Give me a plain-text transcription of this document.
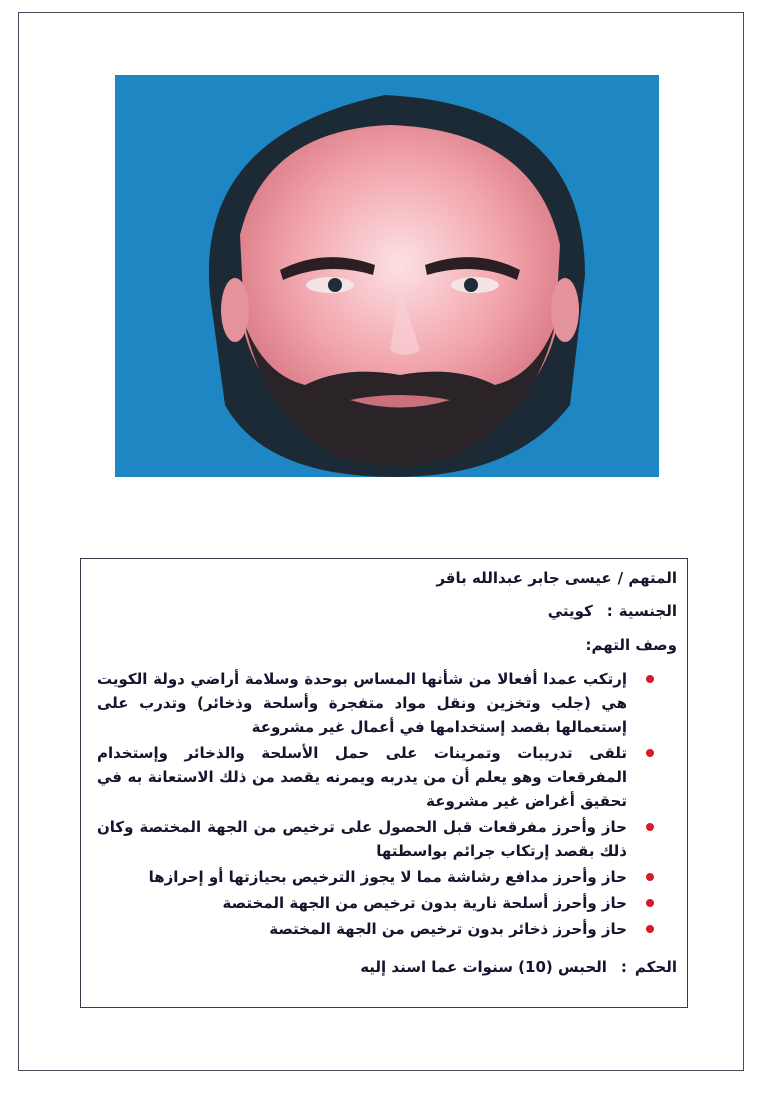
المتهم /عيسى جابر عبدالله باقر
الجنسية:كويتي
وصف التهم:
إرتكب عمدا أفعالا من شأنها المساس بوحدة وسلامة أراضي دولة الكويت هي (جلب وتخزين ونقل مواد متفجرة وأسلحة وذخائر) وتدرب على إستعمالها بقصد إستخدامها في أعمال غير مشروعة
تلقى تدريبات وتمرينات على حمل الأسلحة والذخائر وإستخدام المفرقعات وهو يعلم أن من يدربه ويمرنه يقصد من ذلك الاستعانة به في تحقيق أغراض غير مشروعة
حاز وأحرز مفرقعات قبل الحصول على ترخيص من الجهة المختصة وكان ذلك بقصد إرتكاب جرائم بواسطتها
حاز وأحرز مدافع رشاشة مما لا يجوز الترخيص بحيازتها أو إحرازها
حاز وأحرز أسلحة نارية بدون ترخيص من الجهة المختصة
حاز وأحرز ذخائر بدون ترخيص من الجهة المختصة
الحكم:الحبس (10) سنوات عما اسند إليه
